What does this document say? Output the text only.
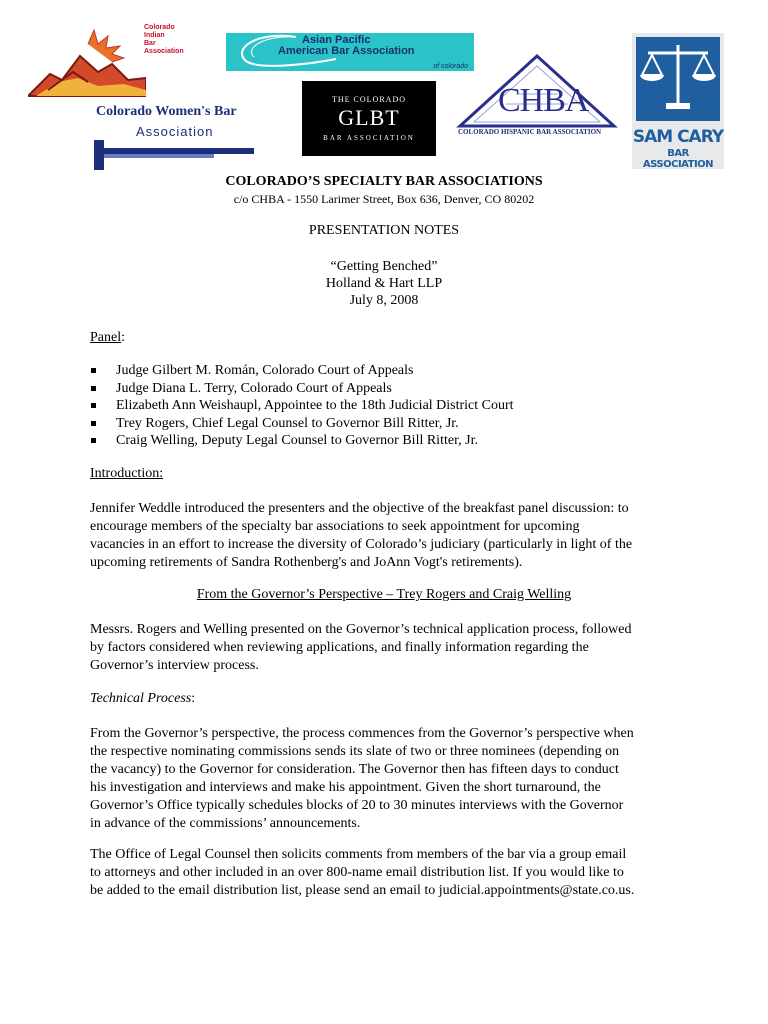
Colorado
Indian
Bar
Association
Asian Pacific
American Bar Association
of colorado
Colorado Women's Bar
Association
THE COLORADO
GLBT
BAR ASSOCIATION
CHBA
COLORADO HISPANIC BAR ASSOCIATION SAM CARY
BAR ASSOCIATION
COLORADO’S SPECIALTY BAR ASSOCIATIONS
c/o CHBA - 1550 Larimer Street, Box 636, Denver, CO 80202
PRESENTATION NOTES
“Getting Benched”
Holland & Hart LLP
July 8, 2008
Panel:
Judge Gilbert M. Román, Colorado Court of Appeals
Judge Diana L. Terry, Colorado Court of Appeals
Elizabeth Ann Weishaupl, Appointee to the 18th Judicial District Court
Trey Rogers, Chief Legal Counsel to Governor Bill Ritter, Jr.
Craig Welling, Deputy Legal Counsel to Governor Bill Ritter, Jr.
Introduction:
Jennifer Weddle introduced the presenters and the objective of the breakfast panel discussion: to
encourage members of the specialty bar associations to seek appointment for upcoming
vacancies in an effort to increase the diversity of Colorado’s judiciary (particularly in light of the
upcoming retirements of Sandra Rothenberg's and JoAnn Vogt's retirements).
From the Governor’s Perspective – Trey Rogers and Craig Welling
Messrs. Rogers and Welling presented on the Governor’s technical application process, followed
by factors considered when reviewing applications, and finally information regarding the
Governor’s interview process.
Technical Process:
From the Governor’s perspective, the process commences from the Governor’s perspective when
the respective nominating commissions sends its slate of two or three nominees (depending on
the vacancy) to the Governor for consideration. The Governor then has fifteen days to conduct
his investigation and interviews and make his appointment. Given the short turnaround, the
Governor’s Office typically schedules blocks of 20 to 30 minutes interviews with the Governor
in advance of the commissions’ announcements.
The Office of Legal Counsel then solicits comments from members of the bar via a group email
to attorneys and other included in an over 800-name email distribution list. If you would like to
be added to the email distribution list, please send an email to judicial.appointments@state.co.us.
